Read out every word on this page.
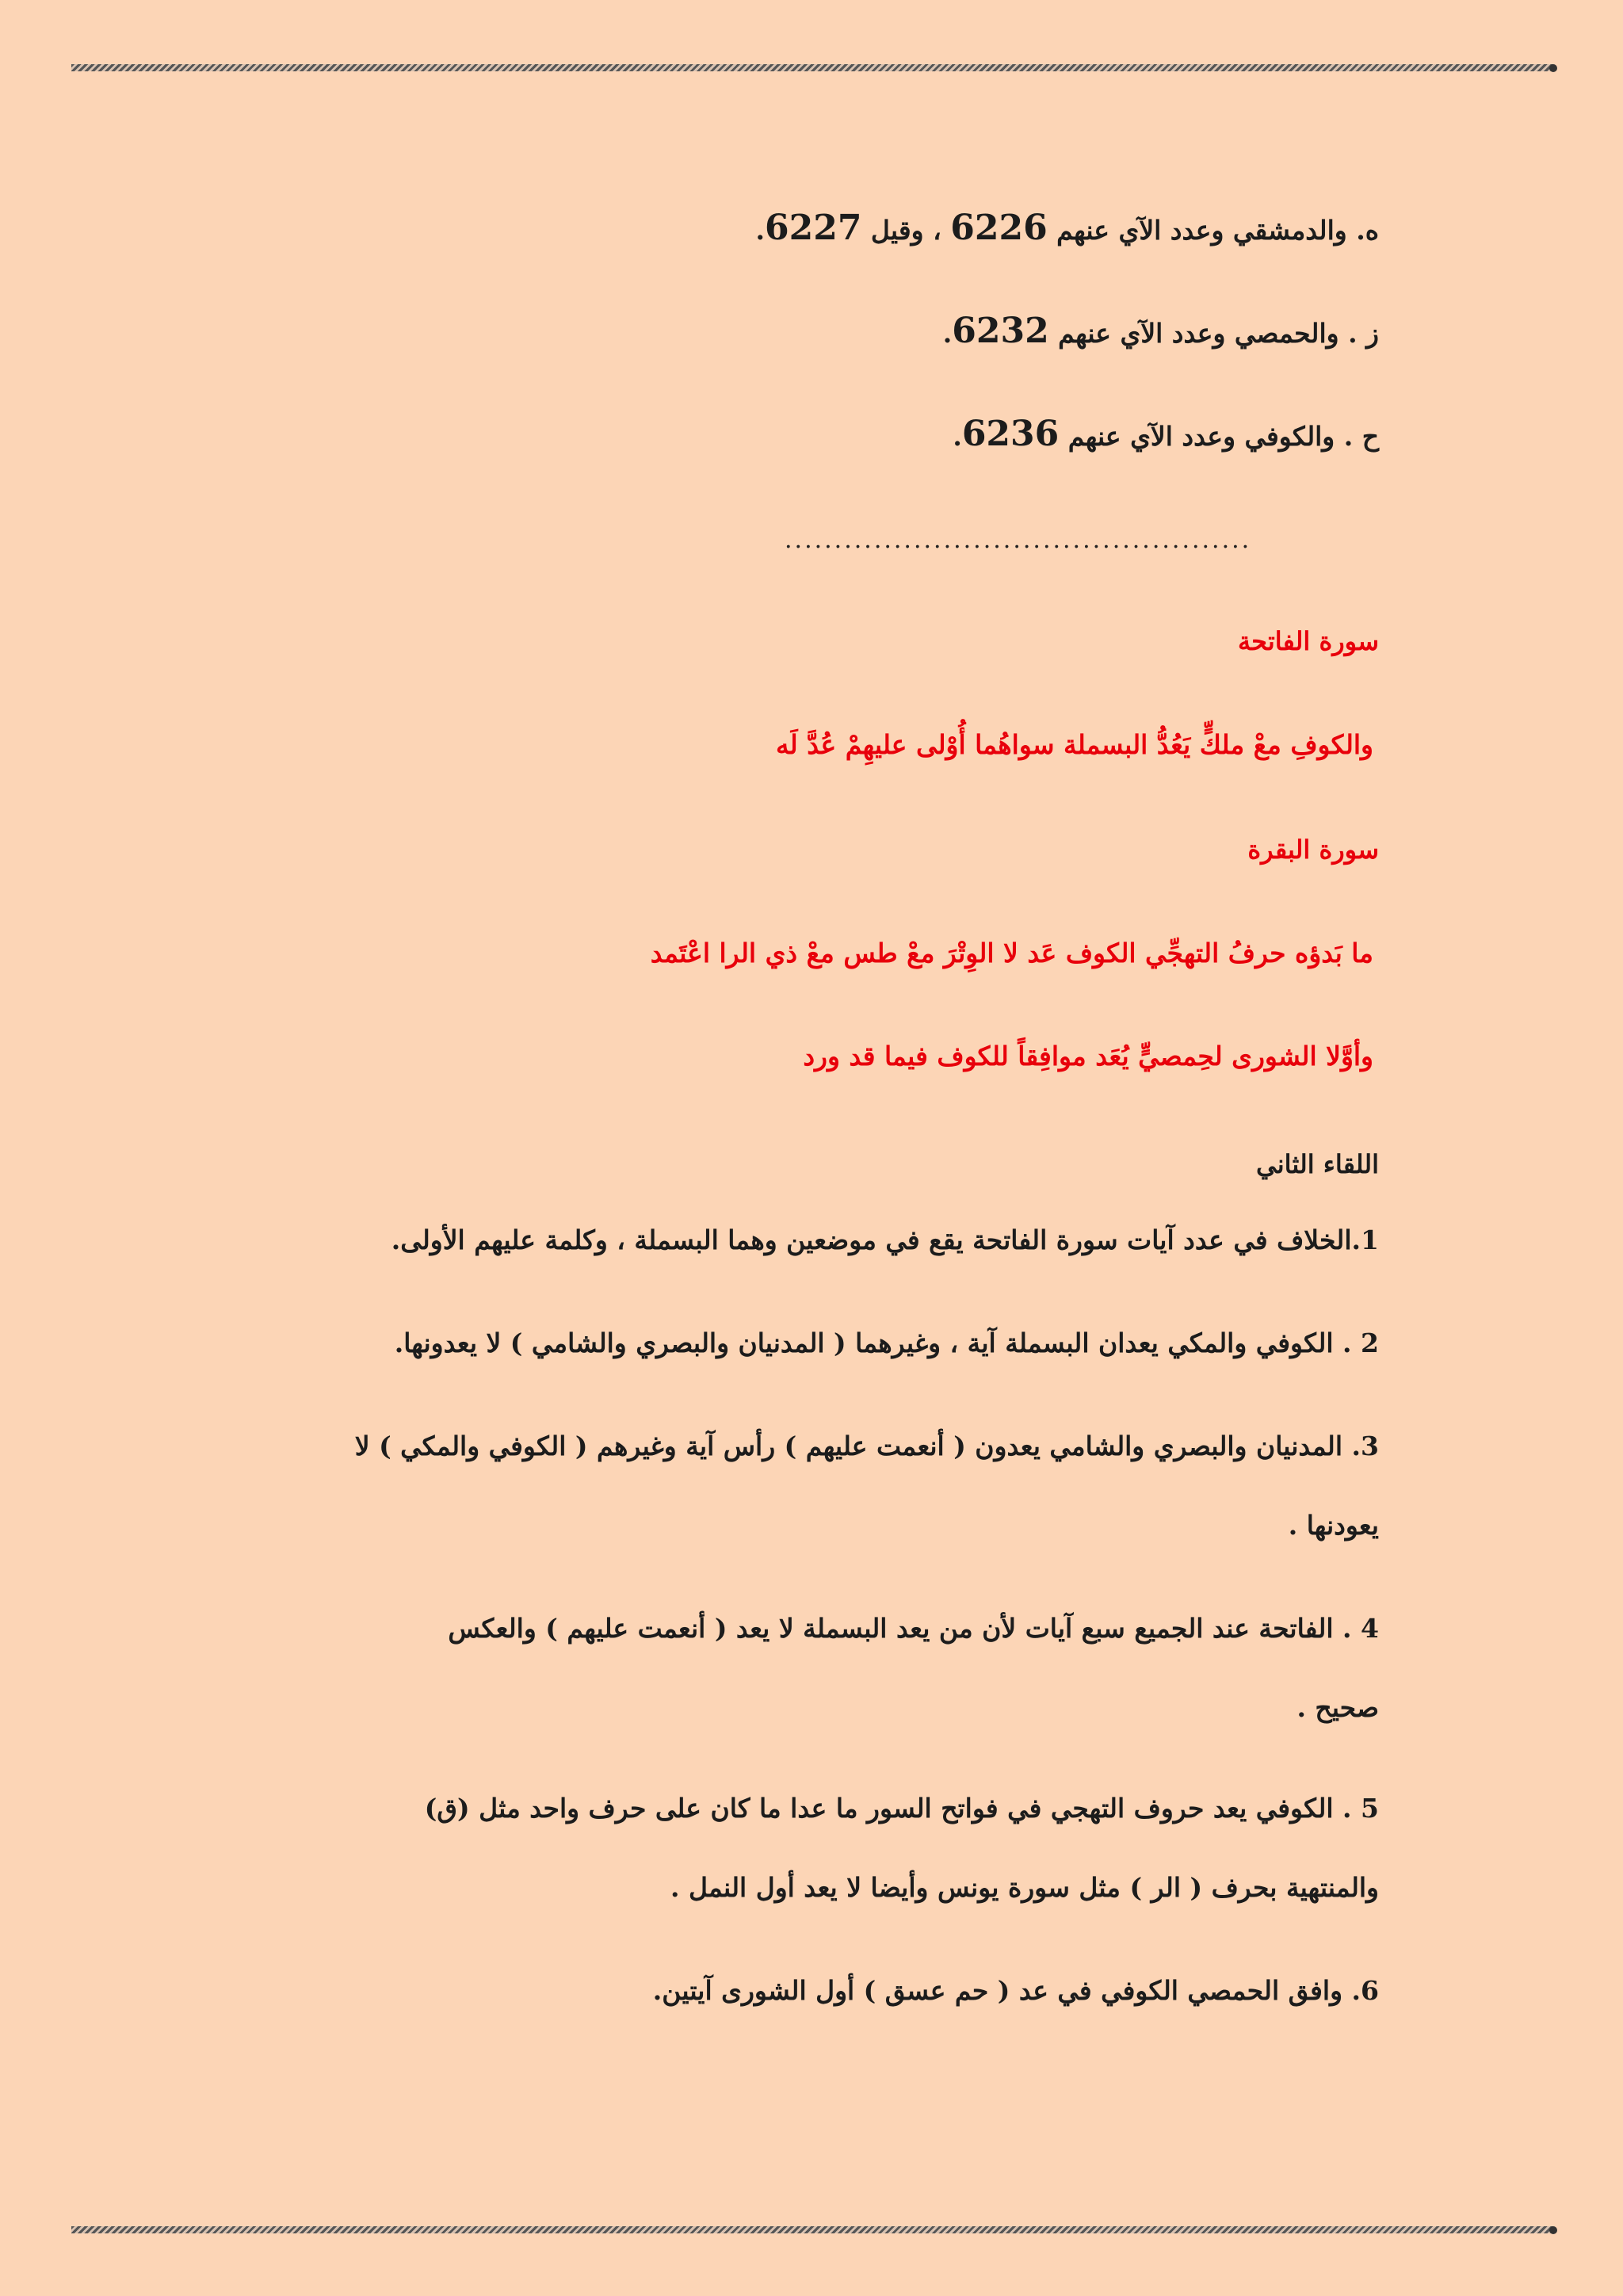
ه. والدمشقي وعدد الآي عنهم 6226 ، وقيل 6227.
ز . والحمصي وعدد الآي عنهم 6232.
ح . والكوفي وعدد الآي عنهم 6236.
...............................................
سورة الفاتحة
والكوفِ معْ ملكٍّ يَعُدُّ البسملة سواهُما أُوْلى عليهِمْ عُدَّ لَه
سورة البقرة
ما بَدؤه حرفُ التهجِّي الكوف عَد لا الوِتْرَ معْ طس معْ ذي الرا اعْتَمد
وأوَّلا الشورى لحِمصيٍّ يُعَد موافِقاً للكوف فيما قد ورد
اللقاء الثاني
1.الخلاف في عدد آيات سورة الفاتحة يقع في موضعين وهما البسملة ، وكلمة عليهم الأولى.
2 . الكوفي والمكي يعدان البسملة آية ، وغيرهما ( المدنيان والبصري والشامي ) لا يعدونها.
3. المدنيان والبصري والشامي يعدون ( أنعمت عليهم ) رأس آية وغيرهم ( الكوفي والمكي ) لا
يعودنها .
4 . الفاتحة عند الجميع سبع آيات لأن من يعد البسملة لا يعد ( أنعمت عليهم ) والعكس
صحيح .
5 . الكوفي يعد حروف التهجي في فواتح السور ما عدا ما كان على حرف واحد مثل (ق)
والمنتهية بحرف ( الر ) مثل سورة يونس وأيضا لا يعد أول النمل .
6. وافق الحمصي الكوفي في عد ( حم عسق ) أول الشورى آيتين.
